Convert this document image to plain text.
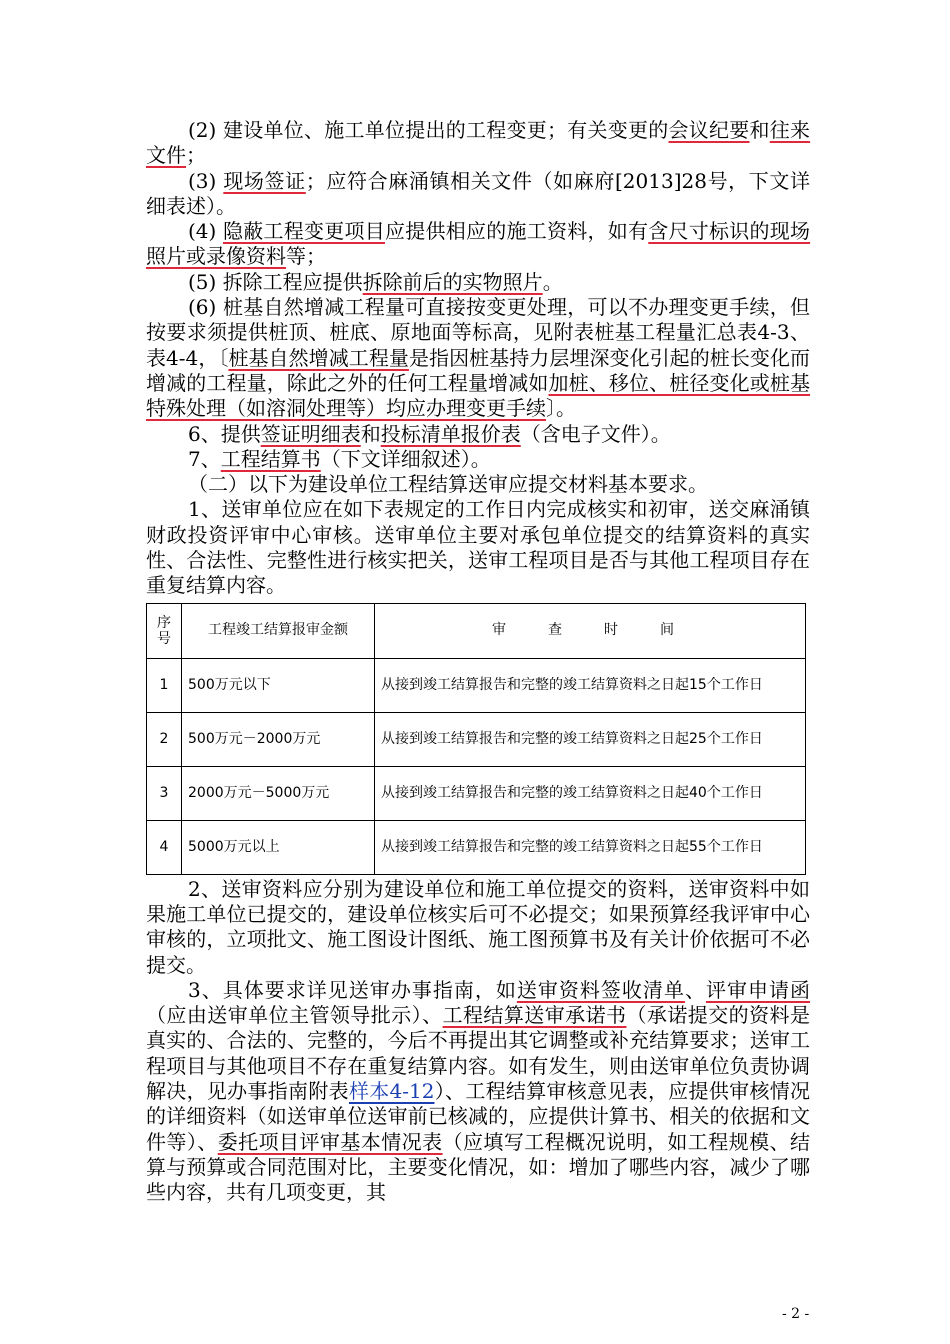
(2) 建设单位、施工单位提出的工程变更；有关变更的会议纪要和往来文件；

(3) 现场签证；应符合麻涌镇相关文件（如麻府[2013]28号，下文详细表述）。

(4) 隐蔽工程变更项目应提供相应的施工资料，如有含尺寸标识的现场照片或录像资料等；

(5) 拆除工程应提供拆除前后的实物照片。

(6) 桩基自然增减工程量可直接按变更处理，可以不办理变更手续，但按要求须提供桩顶、桩底、原地面等标高，见附表桩基工程量汇总表4-3、表4-4，〔桩基自然增减工程量是指因桩基持力层埋深变化引起的桩长变化而增减的工程量，除此之外的任何工程量增减如加桩、移位、桩径变化或桩基特殊处理（如溶洞处理等）均应办理变更手续〕。

6、提供签证明细表和投标清单报价表（含电子文件）。

7、工程结算书（下文详细叙述）。

（二）以下为建设单位工程结算送审应提交材料基本要求。

1、送审单位应在如下表规定的工作日内完成核实和初审，送交麻涌镇财政投资评审中心审核。送审单位主要对承包单位提交的结算资料的真实性、合法性、完整性进行核实把关，送审工程项目是否与其他工程项目存在重复结算内容。

序号	工程竣工结算报审金额	审　查　时　间
1	500万元以下	从接到竣工结算报告和完整的竣工结算资料之日起15个工作日
2	500万元－2000万元	从接到竣工结算报告和完整的竣工结算资料之日起25个工作日
3	2000万元－5000万元	从接到竣工结算报告和完整的竣工结算资料之日起40个工作日
4	5000万元以上	从接到竣工结算报告和完整的竣工结算资料之日起55个工作日

2、送审资料应分别为建设单位和施工单位提交的资料，送审资料中如果施工单位已提交的，建设单位核实后可不必提交；如果预算经我评审中心审核的，立项批文、施工图设计图纸、施工图预算书及有关计价依据可不必提交。

3、具体要求详见送审办事指南，如送审资料签收清单、评审申请函（应由送审单位主管领导批示）、工程结算送审承诺书（承诺提交的资料是真实的、合法的、完整的，今后不再提出其它调整或补充结算要求；送审工程项目与其他项目不存在重复结算内容。如有发生，则由送审单位负责协调解决，见办事指南附表样本4-12）、工程结算审核意见表，应提供审核情况的详细资料（如送审单位送审前已核减的，应提供计算书、相关的依据和文件等）、委托项目评审基本情况表（应填写工程概况说明，如工程规模、结算与预算或合同范围对比，主要变化情况，如：增加了哪些内容，减少了哪些内容，共有几项变更，其

- 2 -
